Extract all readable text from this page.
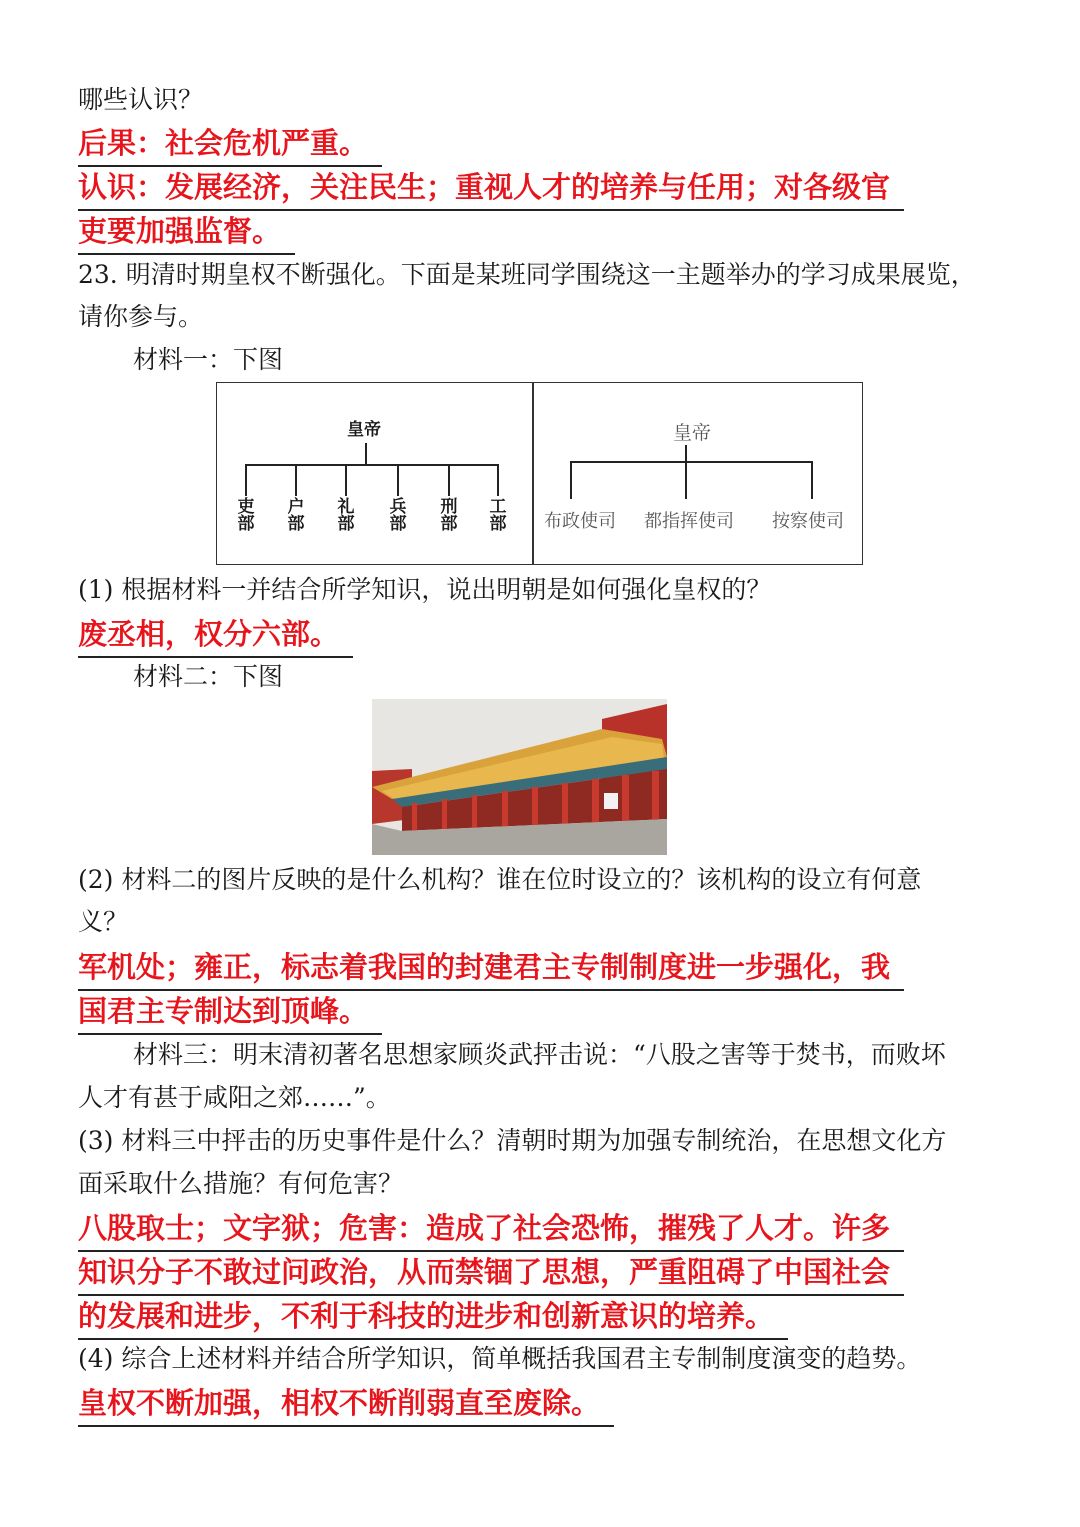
哪些认识？
后果：社会危机严重。
认识：发展经济，关注民生；重视人才的培养与任用；对各级官
吏要加强监督。
23. 明清时期皇权不断强化。下面是某班同学围绕这一主题举办的学习成果展览，
请你参与。
材料一：下图
皇帝
吏部
户部
礼部
兵部
刑部
工部
皇帝
布政使司 都指挥使司 按察使司
(1) 根据材料一并结合所学知识，说出明朝是如何强化皇权的？
废丞相，权分六部。
材料二：下图
(2) 材料二的图片反映的是什么机构？谁在位时设立的？该机构的设立有何意
义？
军机处；雍正，标志着我国的封建君主专制制度进一步强化，我
国君主专制达到顶峰。
材料三：明末清初著名思想家顾炎武抨击说：“八股之害等于焚书，而败坏
人才有甚于咸阳之郊……”。
(3) 材料三中抨击的历史事件是什么？清朝时期为加强专制统治，在思想文化方
面采取什么措施？有何危害？
八股取士；文字狱；危害：造成了社会恐怖，摧残了人才。许多
知识分子不敢过问政治，从而禁锢了思想，严重阻碍了中国社会
的发展和进步，不利于科技的进步和创新意识的培养。
(4) 综合上述材料并结合所学知识，简单概括我国君主专制制度演变的趋势。
皇权不断加强，相权不断削弱直至废除。
